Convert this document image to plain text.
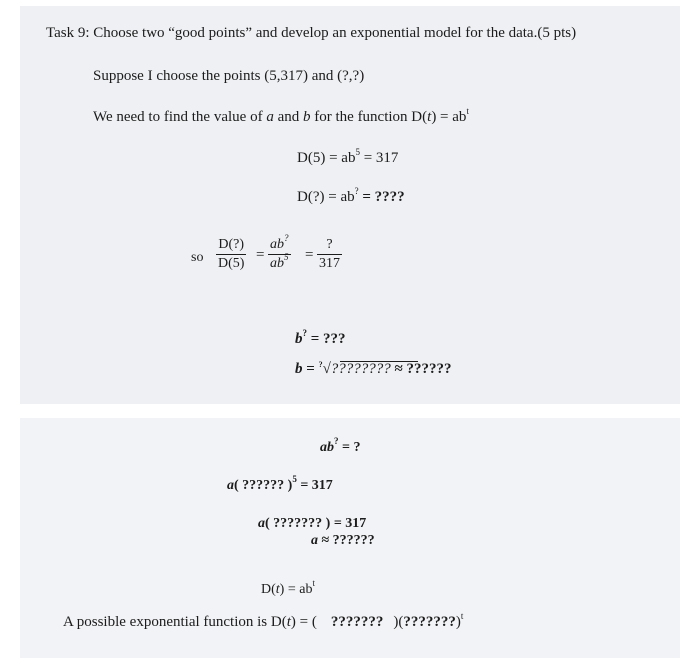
Task 9: Choose two “good points” and develop an exponential model for the data.(5 pts)
Suppose I choose the points (5,317) and (?,?)
We need to find the value of a and b for the function $D(t) = ab^t$
$D(5) = ab^5 = 317$
D(?) = ab? = ????
so $\frac{D(?)}{D(5)} = \frac{ab^?}{ab^5}$ =
?
317
b? = ???
b = ?√???????? ≈ ??????
ab? = ?
a( ?????? )$^5$ = 317
a( ??????? ) = 317
a ≈ ??????
$D(t) = ab^t$
A possible exponential function is D(t) = ( ??????? )(???????)$^t$
